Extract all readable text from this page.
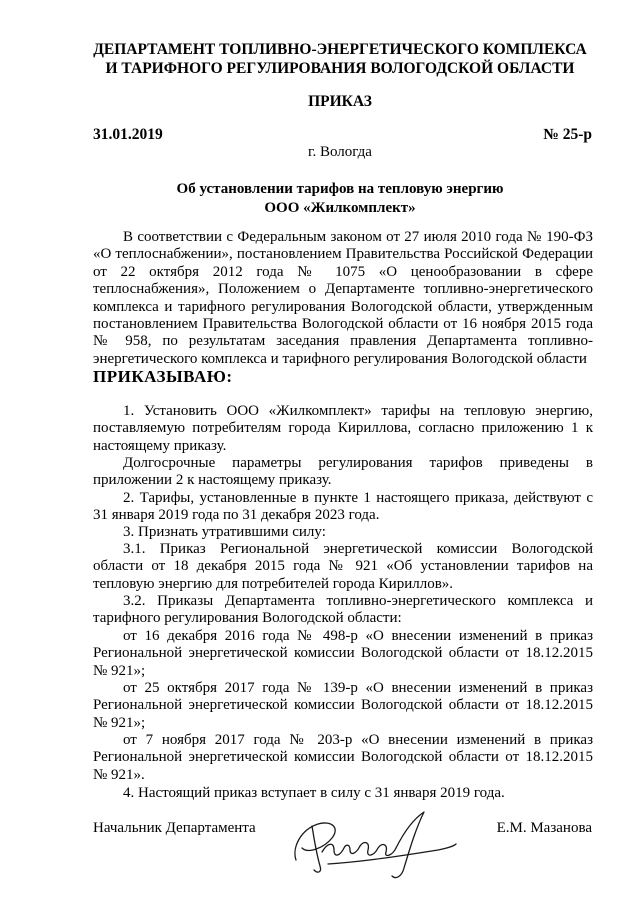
ДЕПАРТАМЕНТ ТОПЛИВНО-ЭНЕРГЕТИЧЕСКОГО КОМПЛЕКСА

И ТАРИФНОГО РЕГУЛИРОВАНИЯ ВОЛОГОДСКОЙ ОБЛАСТИ

ПРИКАЗ

31.01.2019	№ 25-р

г. Вологда

Об установлении тарифов на тепловую энергию

ООО «Жилкомплект»

В соответствии с Федеральным законом от 27 июля 2010 года № 190-ФЗ «О теплоснабжении», постановлением Правительства Российской Федерации от 22 октября 2012 года № 1075 «О ценообразовании в сфере теплоснабжения», Положением о Департаменте топливно-энергетического комплекса и тарифного регулирования Вологодской области, утвержденным постановлением Правительства Вологодской области от 16 ноября 2015 года № 958, по результатам заседания правления Департамента топливно-энергетического комплекса и тарифного регулирования Вологодской области

ПРИКАЗЫВАЮ:

1. Установить ООО «Жилкомплект» тарифы на тепловую энергию, поставляемую потребителям города Кириллова, согласно приложению 1 к настоящему приказу.

Долгосрочные параметры регулирования тарифов приведены в приложении 2 к настоящему приказу.

2. Тарифы, установленные в пункте 1 настоящего приказа, действуют с 31 января 2019 года по 31 декабря 2023 года.

3. Признать утратившими силу:

3.1. Приказ Региональной энергетической комиссии Вологодской области от 18 декабря 2015 года № 921 «Об установлении тарифов на тепловую энергию для потребителей города Кириллов».

3.2. Приказы Департамента топливно-энергетического комплекса и тарифного регулирования Вологодской области:

от 16 декабря 2016 года № 498-р «О внесении изменений в приказ Региональной энергетической комиссии Вологодской области от 18.12.2015 № 921»;

от 25 октября 2017 года № 139-р «О внесении изменений в приказ Региональной энергетической комиссии Вологодской области от 18.12.2015 № 921»;

от 7 ноября 2017 года № 203-р «О внесении изменений в приказ Региональной энергетической комиссии Вологодской области от 18.12.2015 № 921».

4. Настоящий приказ вступает в силу с 31 января 2019 года.

Начальник Департамента	Е.М. Мазанова
